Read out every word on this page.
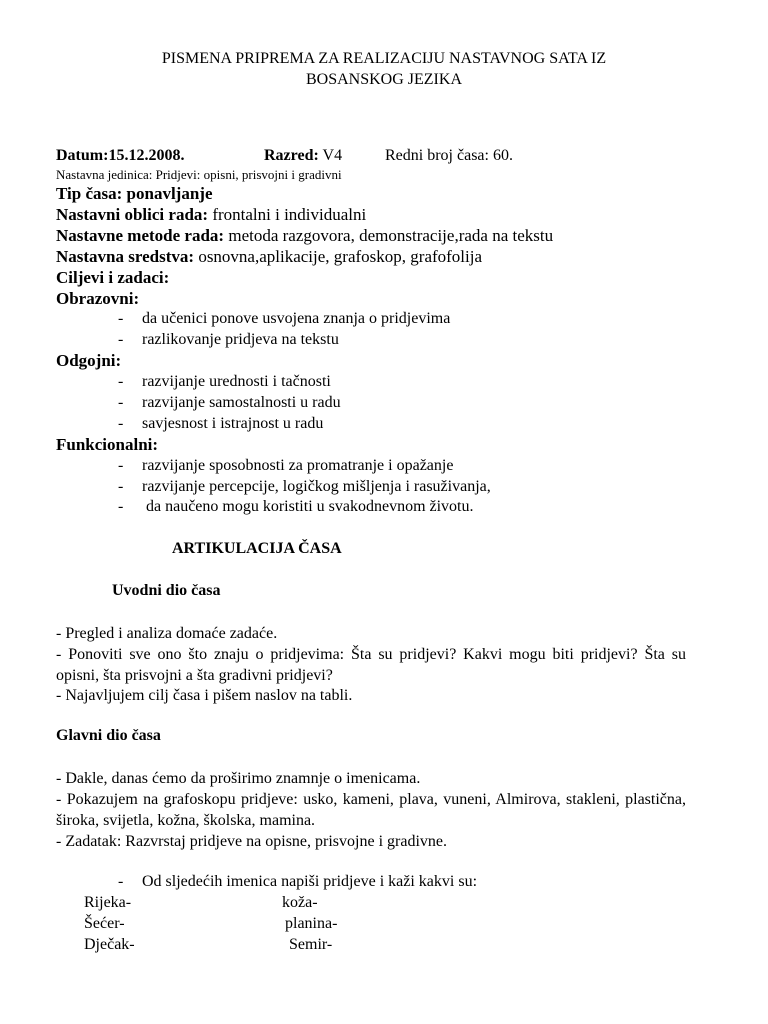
PISMENA PRIPREMA ZA REALIZACIJU NASTAVNOG SATA IZ
BOSANSKOG JEZIKA
Datum:15.12.2008.	Razred: V4	Redni broj časa: 60.
Nastavna jedinica: Pridjevi: opisni, prisvojni i gradivni
Tip časa: ponavljanje
Nastavni oblici rada: frontalni i individualni
Nastavne metode rada: metoda razgovora, demonstracije,rada na tekstu
Nastavna sredstva: osnovna,aplikacije, grafoskop, grafofolija
Ciljevi i zadaci:
Obrazovni:
- da učenici ponove usvojena znanja o pridjevima
- razlikovanje pridjeva na tekstu
Odgojni:
- razvijanje urednosti i tačnosti
- razvijanje samostalnosti u radu
- savjesnost i istrajnost u radu
Funkcionalni:
- razvijanje sposobnosti za promatranje i opažanje
- razvijanje percepcije, logičkog mišljenja i rasuživanja,
- da naučeno mogu koristiti u svakodnevnom životu.
ARTIKULACIJA ČASA
Uvodni dio časa
- Pregled i analiza domaće zadaće.
- Ponoviti sve ono što znaju o pridjevima: Šta su pridjevi? Kakvi mogu biti pridjevi? Šta su opisni, šta prisvojni a šta gradivni pridjevi?
- Najavljujem cilj časa i pišem naslov na tabli.
Glavni dio časa
- Dakle, danas ćemo da proširimo znamnje o imenicama.
- Pokazujem na grafoskopu pridjeve: usko, kameni, plava, vuneni, Almirova, stakleni, plastična, široka, svijetla, kožna, školska, mamina.
- Zadatak: Razvrstaj pridjeve na opisne, prisvojne i gradivne.
- Od sljedećih imenica napiši pridjeve i kaži kakvi su:
Rijeka-
Šećer-
Dječak-
koža-
planina-
Semir-
